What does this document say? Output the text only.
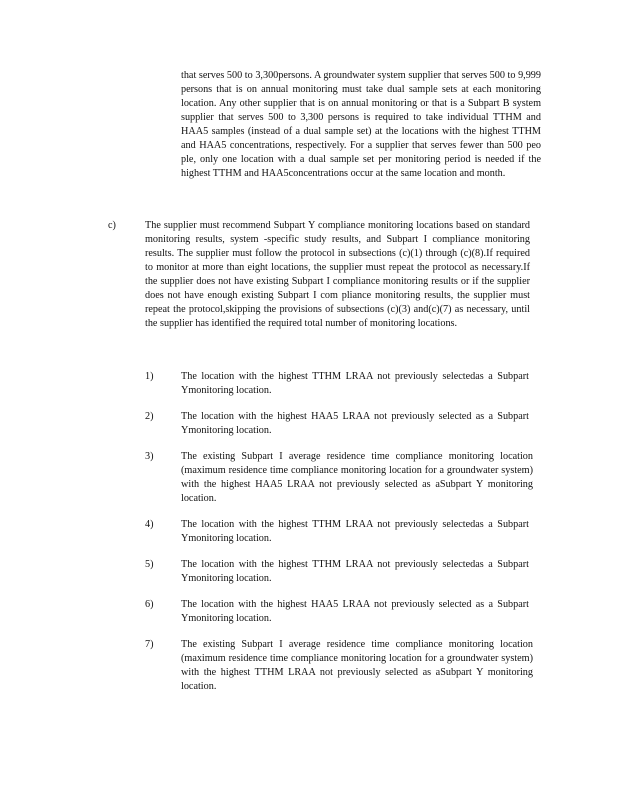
that serves 500 to 3,300persons. A groundwater system supplier that serves 500 to 9,999 persons that is on annual monitoring must take dual sample sets at each monitoring location. Any other supplier that is on annual monitoring or that is a Subpart B system supplier that serves 500 to 3,300 persons is required to take individual TTHM and HAA5 samples (instead of a dual sample set) at the locations with the highest TTHM and HAA5 concentrations, respectively. For a supplier that serves fewer than 500 peo ple, only one location with a dual sample set per monitoring period is needed if the highest TTHM and HAA5concentrations occur at the same location and month.

c)	The supplier must recommend Subpart Y compliance monitoring locations based on standard monitoring results, system -specific study results, and Subpart I compliance monitoring results. The supplier must follow the protocol in subsections (c)(1) through (c)(8).If required to monitor at more than eight locations, the supplier must repeat the protocol as necessary.If the supplier does not have existing Subpart I compliance monitoring results or if the supplier does not have enough existing Subpart I com pliance monitoring results, the supplier must repeat the protocol,skipping the provisions of subsections (c)(3) and(c)(7) as necessary, until the supplier has identified the required total number of monitoring locations.

1)	The location with the highest TTHM LRAA not previously selectedas a Subpart Ymonitoring location.

2)	The location with the highest HAA5 LRAA not previously selected as a Subpart Ymonitoring location.

3)	The existing Subpart I average residence time compliance monitoring location (maximum residence time compliance monitoring location for a groundwater system) with the highest HAA5 LRAA not previously selected as aSubpart Y monitoring location.

4)	The location with the highest TTHM LRAA not previously selectedas a Subpart Ymonitoring location.

5)	The location with the highest TTHM LRAA not previously selectedas a Subpart Ymonitoring location.

6)	The location with the highest HAA5 LRAA not previously selected as a Subpart Ymonitoring location.

7)	The existing Subpart I average residence time compliance monitoring location (maximum residence time compliance monitoring location for a groundwater system) with the highest TTHM LRAA not previously selected as aSubpart Y monitoring location.
